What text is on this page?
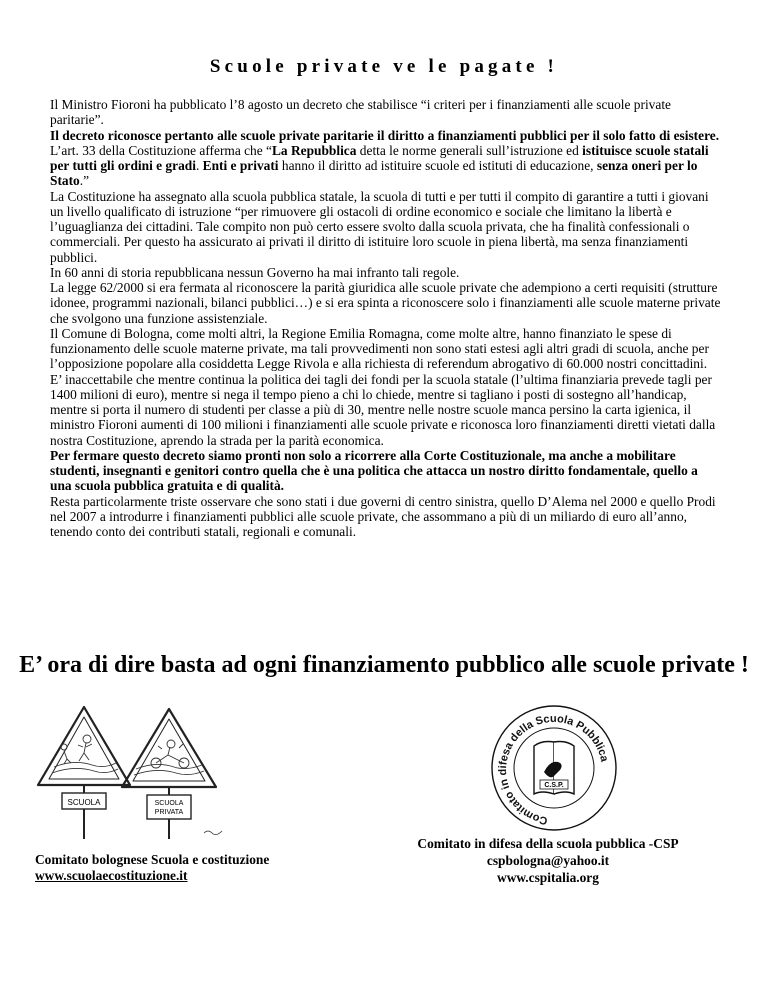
Scuole private ve le pagate !

Il Ministro Fioroni ha pubblicato l’8 agosto un decreto che stabilisce “i criteri per i finanziamenti alle scuole private paritarie”.

Il decreto riconosce pertanto alle scuole private paritarie il diritto a finanziamenti pubblici per il solo fatto di esistere.

L’art. 33 della Costituzione afferma che “La Repubblica detta le norme generali sull’istruzione ed istituisce scuole statali per tutti gli ordini e gradi. Enti e privati hanno il diritto ad istituire scuole ed istituti di educazione, senza oneri per lo Stato.”

La Costituzione ha assegnato alla scuola pubblica statale, la scuola di tutti e per tutti il compito di garantire a tutti i giovani un livello qualificato di istruzione “per rimuovere gli ostacoli di ordine economico e sociale che limitano la libertà e l’uguaglianza dei cittadini. Tale compito non può certo essere svolto dalla scuola privata, che ha finalità confessionali o commerciali. Per questo ha assicurato ai privati il diritto di istituire loro scuole in piena libertà, ma senza finanziamenti pubblici.

In 60 anni di storia repubblicana nessun Governo ha mai infranto tali regole.

La legge 62/2000 si era fermata al riconoscere la parità giuridica alle scuole private che adempiono a certi requisiti (strutture idonee, programmi nazionali, bilanci pubblici…) e si era spinta a riconoscere solo i finanziamenti alle scuole materne private che svolgono una funzione assistenziale.

Il Comune di Bologna, come molti altri, la Regione Emilia Romagna, come molte altre, hanno finanziato le spese di funzionamento delle scuole materne private, ma tali provvedimenti non sono stati estesi agli altri gradi di scuola, anche per l’opposizione popolare alla cosiddetta Legge Rivola e alla richiesta di referendum abrogativo di 60.000 nostri concittadini.

E’ inaccettabile che mentre continua la politica dei tagli dei fondi per la scuola statale (l’ultima finanziaria prevede tagli per 1400 milioni di euro), mentre si nega il tempo pieno a chi lo chiede, mentre si tagliano i posti di sostegno all’handicap, mentre si porta il numero di studenti per classe a più di 30, mentre nelle nostre scuole manca persino la carta igienica, il ministro Fioroni aumenti di 100 milioni i finanziamenti alle scuole private e riconosca loro finanziamenti diretti vietati dalla nostra Costituzione, aprendo la strada per la parità economica.

Per fermare questo decreto siamo pronti non solo a ricorrere alla Corte Costituzionale, ma anche a mobilitare studenti, insegnanti e genitori contro quella che è una politica che attacca un nostro diritto fondamentale, quello a una scuola pubblica gratuita e di qualità.

Resta particolarmente triste osservare che sono stati i due governi di centro sinistra, quello D’Alema nel 2000 e quello Prodi nel 2007 a introdurre i finanziamenti pubblici alle scuole private, che assommano a più di un miliardo di euro all’anno, tenendo conto dei contributi statali, regionali e comunali.

E’ ora di dire basta ad ogni finanziamento pubblico alle scuole private !
SCUOLA	SCUOLA
PRIVATA
Comitato in difesa della Scuola Pubblica
C.S.P.
Comitato bolognese Scuola e costituzione
www.scuolaecostituzione.it
Comitato in difesa della scuola pubblica -CSP
cspbologna@yahoo.it
www.cspitalia.org
